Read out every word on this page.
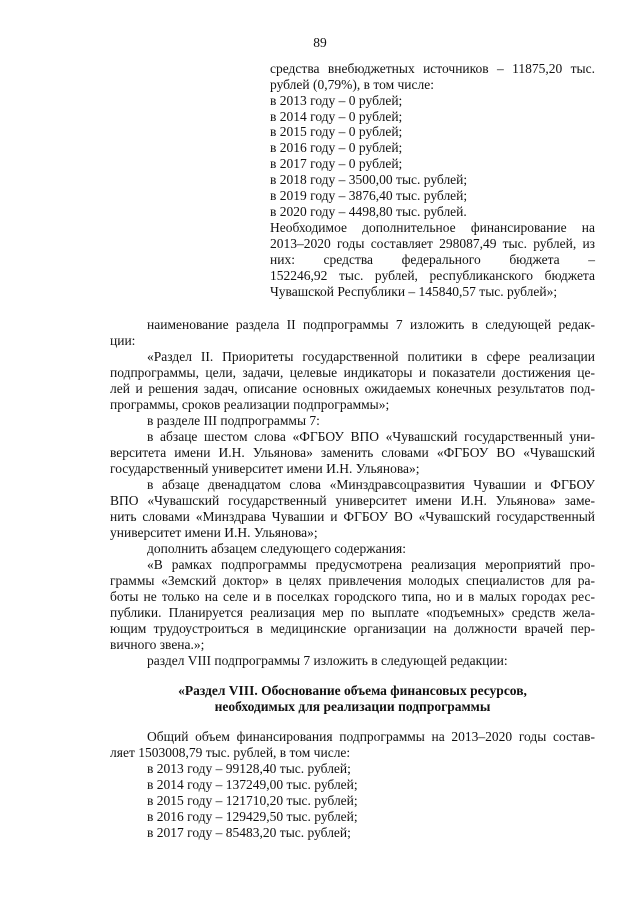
89
средства внебюджетных источников – 11875,20 тыс.
рублей (0,79%), в том числе:
в 2013 году – 0 рублей;
в 2014 году – 0 рублей;
в 2015 году – 0 рублей;
в 2016 году – 0 рублей;
в 2017 году – 0 рублей;
в 2018 году – 3500,00 тыс. рублей;
в 2019 году – 3876,40 тыс. рублей;
в 2020 году – 4498,80 тыс. рублей.
Необходимое дополнительное финансирование на
2013–2020 годы составляет 298087,49 тыс. рублей, из
них: средства федерального бюджета –
152246,92 тыс. рублей, республиканского бюджета
Чувашской Республики – 145840,57 тыс. рублей»;
наименование раздела II подпрограммы 7 изложить в следующей редак-
ции:
«Раздел II. Приоритеты государственной политики в сфере реализации
подпрограммы, цели, задачи, целевые индикаторы и показатели достижения це-
лей и решения задач, описание основных ожидаемых конечных результатов под-
программы, сроков реализации подпрограммы»;
в разделе III подпрограммы 7:
в абзаце шестом слова «ФГБОУ ВПО «Чувашский государственный уни-
верситета имени И.Н. Ульянова» заменить словами «ФГБОУ ВО «Чувашский
государственный университет имени И.Н. Ульянова»;
в абзаце двенадцатом слова «Минздравсоцразвития Чувашии и ФГБОУ
ВПО «Чувашский государственный университет имени И.Н. Ульянова» заме-
нить словами «Минздрава Чувашии и ФГБОУ ВО «Чувашский государственный
университет имени И.Н. Ульянова»;
дополнить абзацем следующего содержания:
«В рамках подпрограммы предусмотрена реализация мероприятий про-
граммы «Земский доктор» в целях привлечения молодых специалистов для ра-
боты не только на селе и в поселках городского типа, но и в малых городах рес-
публики. Планируется реализация мер по выплате «подъемных» средств жела-
ющим трудоустроиться в медицинские организации на должности врачей пер-
вичного звена.»;
раздел VIII подпрограммы 7 изложить в следующей редакции:
«Раздел VIII. Обоснование объема финансовых ресурсов,
необходимых для реализации подпрограммы
Общий объем финансирования подпрограммы на 2013–2020 годы состав-
ляет 1503008,79 тыс. рублей, в том числе:
в 2013 году – 99128,40 тыс. рублей;
в 2014 году – 137249,00 тыс. рублей;
в 2015 году – 121710,20 тыс. рублей;
в 2016 году – 129429,50 тыс. рублей;
в 2017 году – 85483,20 тыс. рублей;
